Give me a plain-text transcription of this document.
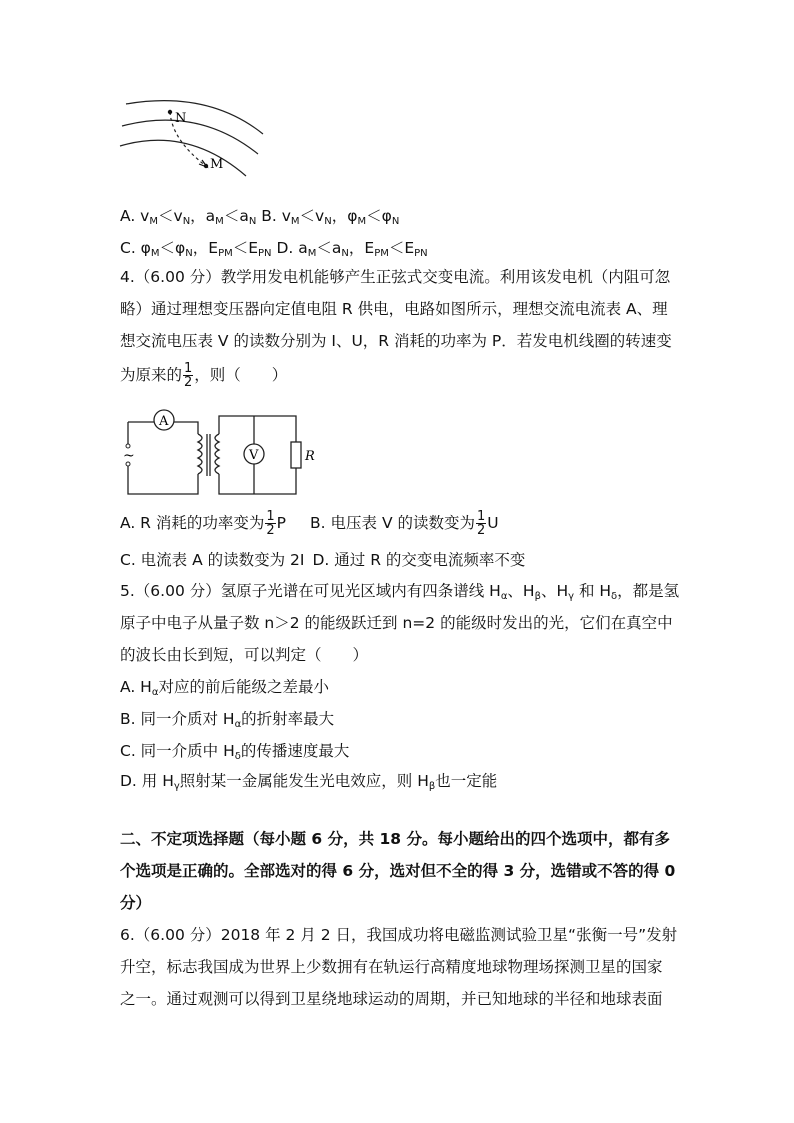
N
M
A. $v_M<v_N$，$a_M<a_N$ B. $v_M<v_N$，$\varphi_M<\varphi_N$
C. $\varphi_M<\varphi_N$，$E_{PM}<E_{PN}$ D. $a_M<a_N$，$E_{PM}<E_{PN}$
4.（6.00 分）教学用发电机能够产生正弦式交变电流。利用该发电机（内阻可忽
略）通过理想变压器向定值电阻 R 供电，电路如图所示，理想交流电流表 A、理
想交流电压表 V 的读数分别为 I、U，R 消耗的功率为 P．若发电机线圈的转速变
为原来的 $\frac{1}{2}$ ，则（　　）
A
~	V	R
A. R 消耗的功率变为 $\frac{1}{2}$ P B. 电压表 V 的读数变为 $\frac{1}{2}$ U
C. 电流表 A 的读数变为 2I D. 通过 R 的交变电流频率不变
5.（6.00 分）氢原子光谱在可见光区域内有四条谱线 $H_\alpha$、$H_\beta$、$H_\gamma$ 和 $H_\delta$，都是氢
原子中电子从量子数 n＞2 的能级跃迁到 n=2 的能级时发出的光，它们在真空中
的波长由长到短，可以判定（　　）
A. $H_\alpha$对应的前后能级之差最小
B. 同一介质对 $H_\alpha$的折射率最大
C. 同一介质中 $H_\delta$的传播速度最大
D. 用 $H_\gamma$照射某一金属能发生光电效应，则 $H_\beta$也一定能
二、不定项选择题（每小题 6 分，共 18 分。每小题给出的四个选项中，都有多
个选项是正确的。全部选对的得 6 分，选对但不全的得 3 分，选错或不答的得 0
分）
6.（6.00 分）2018 年 2 月 2 日，我国成功将电磁监测试验卫星“张衡一号”发射
升空，标志我国成为世界上少数拥有在轨运行高精度地球物理场探测卫星的国家
之一。通过观测可以得到卫星绕地球运动的周期，并已知地球的半径和地球表面
